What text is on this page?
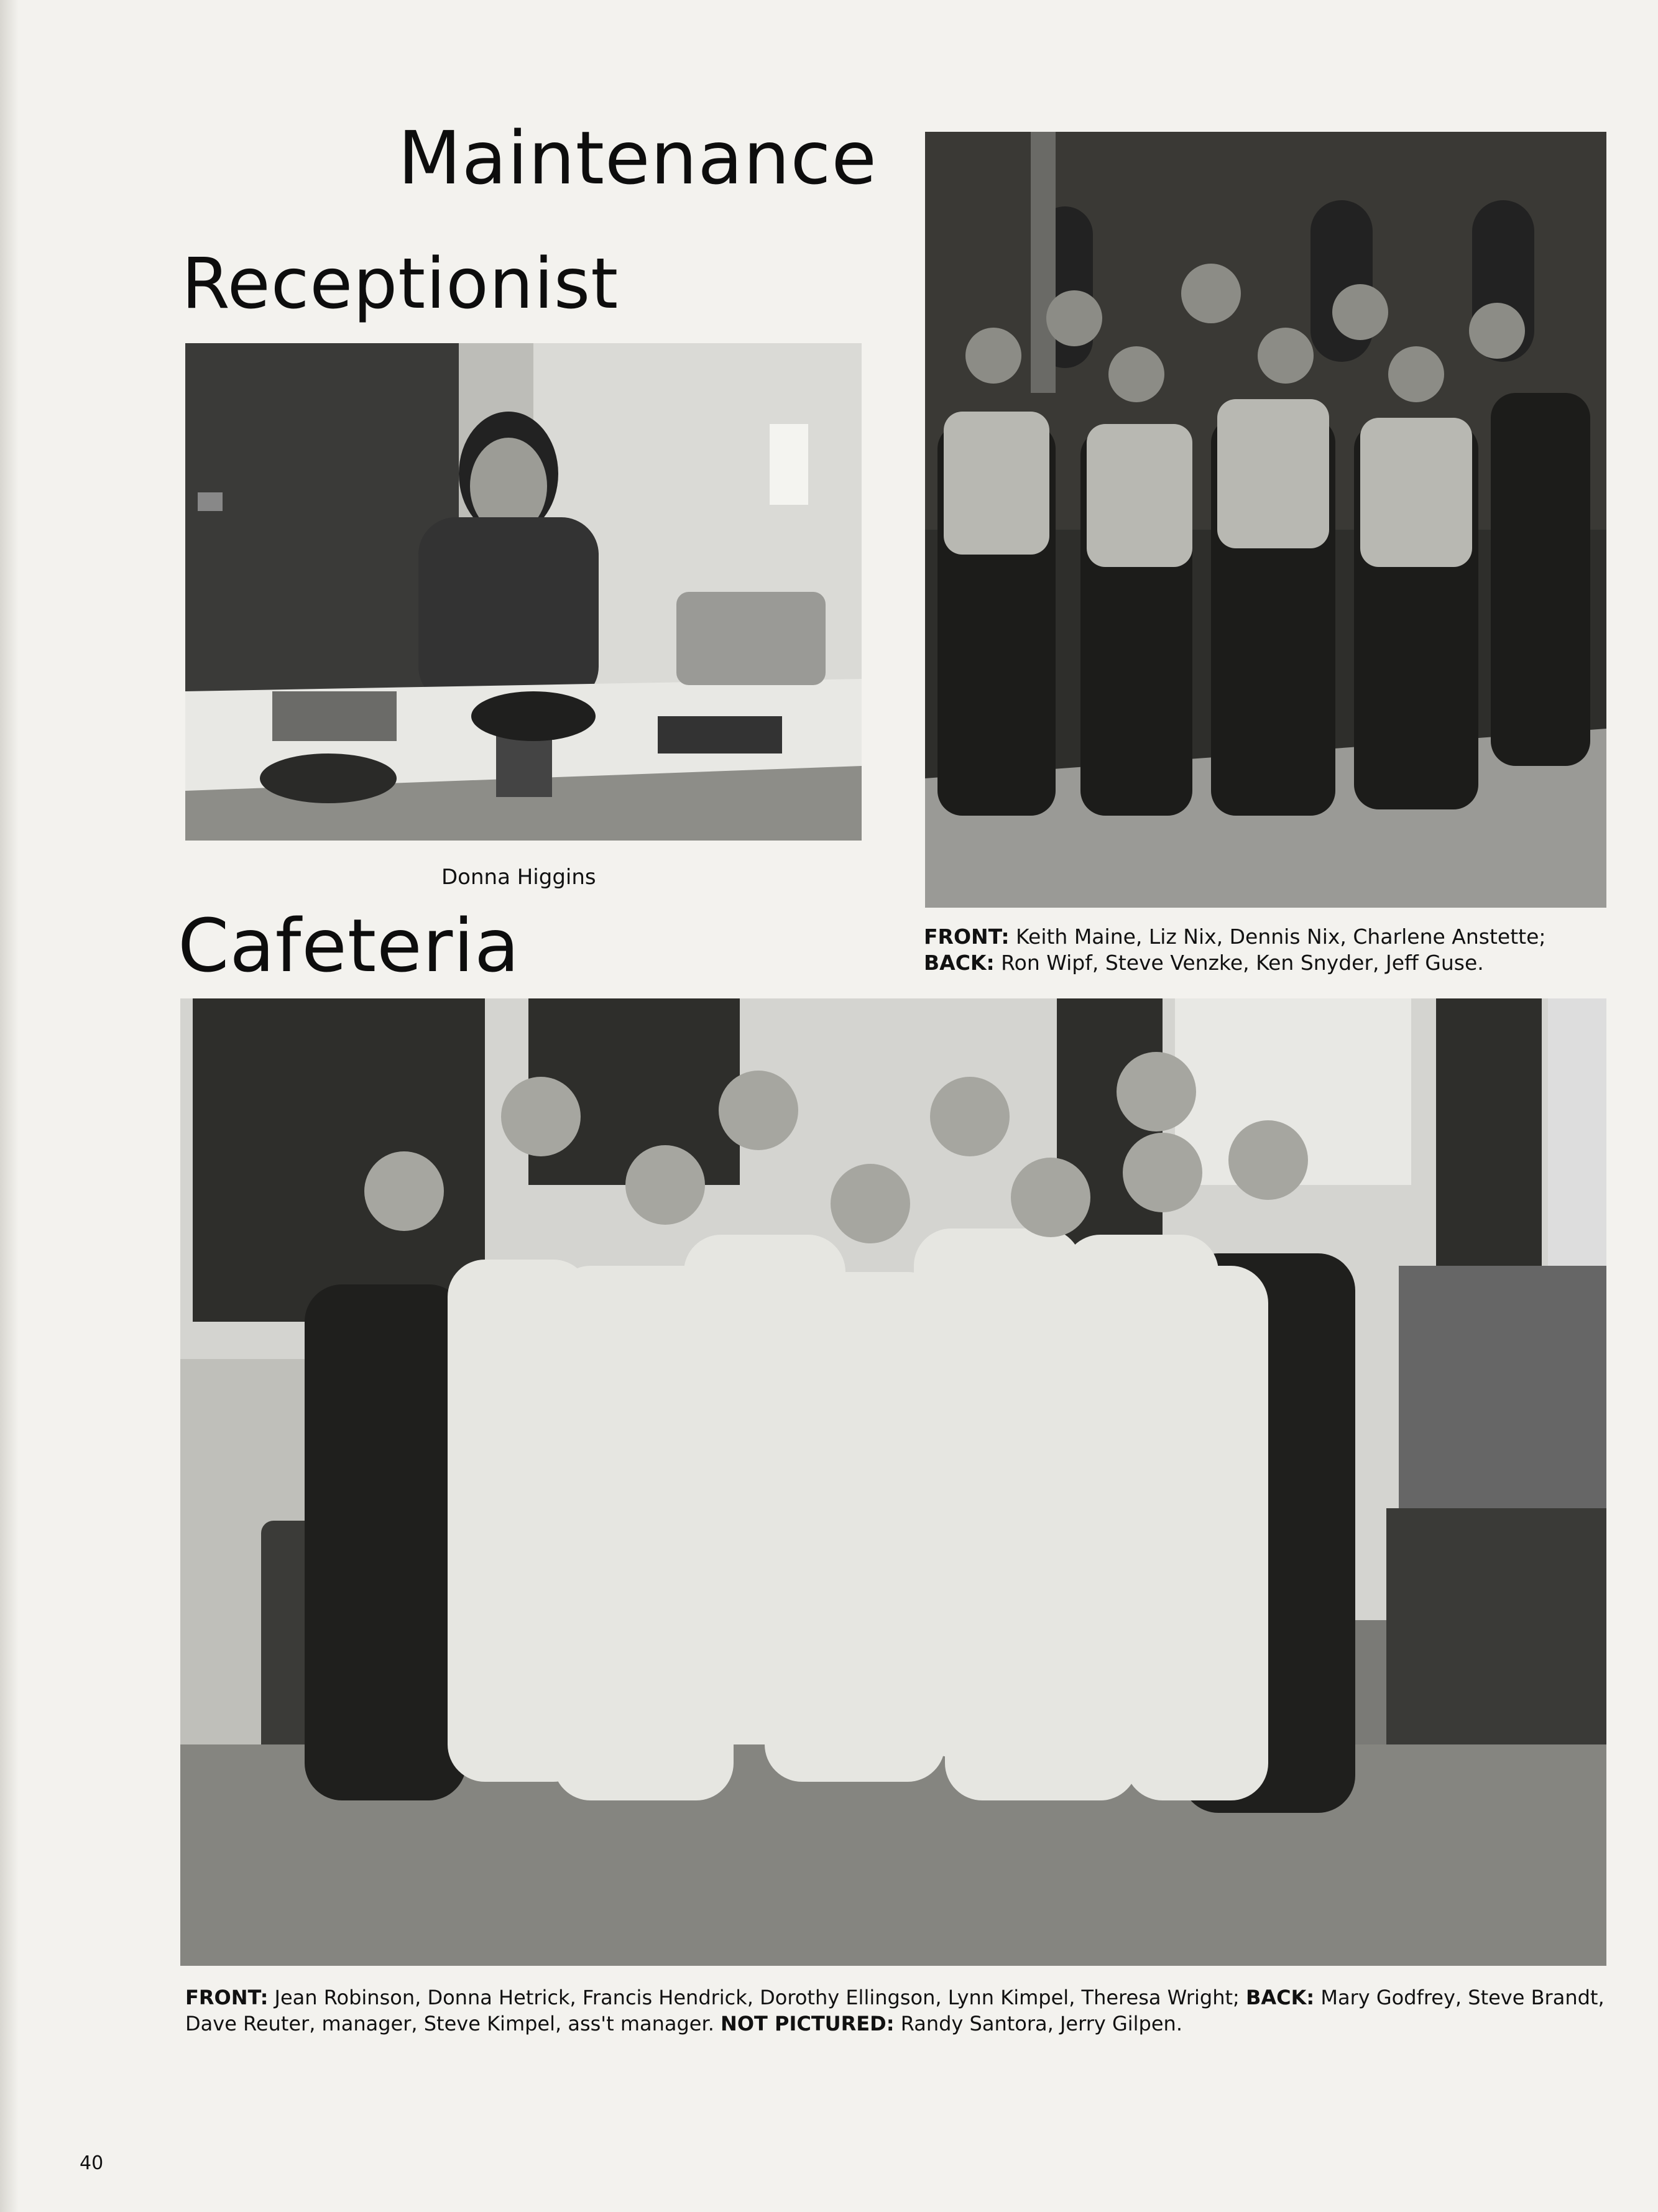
Maintenance
Receptionist

Donna Higgins

Cafeteria	FRONT: Keith Maine, Liz Nix, Dennis Nix, Charlene Anstette;
BACK: Ron Wipf, Steve Venzke, Ken Snyder, Jeff Guse.

FRONT: Jean Robinson, Donna Hetrick, Francis Hendrick, Dorothy Ellingson, Lynn Kimpel, Theresa Wright; BACK: Mary Godfrey, Steve Brandt, Dave Reuter, manager, Steve Kimpel, ass't manager. NOT PICTURED: Randy Santora, Jerry Gilpen.

40
